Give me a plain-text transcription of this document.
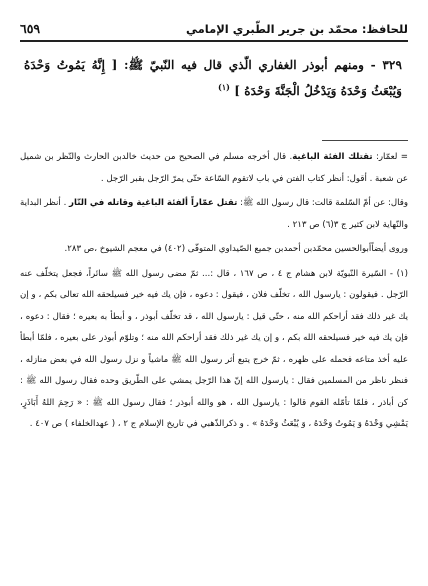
للحافظ: محمّد بن جرير الطّبري الإمامي
٦٥٩
٣٢٩ - ومنهم أبوذر الغفاري الّذي قال فيه النّبيّ ﷺ: [ إِنَّهُ يَمُوتُ وَحْدَهُ وَيُبْعَثُ وَحْدَهُ وَيَدْخُلُ الْجَنَّةَ وَحْدَهُ ] $^{(١)}$

= لعمّار: تقتلك الفئة الباغية. قال أخرجه مسلم في الصحيح من حديث خالدبن الحارث والنّظر بن شميل عن شعبة . أقول: أنظر كتاب الفتن في باب لاتقوم السّاعة حتّى يمرّ الرّجل بقبر الرّجل .

وقال: عن أمّ السّلمة قالت: قال رسول الله ﷺ: تقتل عمّاراً ألفئة الباغية وقاتله في النّار . أنظر البداية والنّهاية لابن كثير ج ٣(٦) ص ٢١٣ .

وروى أيضاًأبوالحسين محمّدبن أحمدبن جميع الصّيداوي المتوفّى (٤٠٢) في معجم الشيوخ ،ص ٢٨٣.

(١) - السّيرة النّبويّة لابن هشام ج ٤ ، ص ١٦٧ ، قال :... ثمّ مضى رسول الله ﷺ سائراً، فجعل يتخلّف عنه الرّجل . فيقولون : يارسول الله ، تخلّف فلان ، فيقول : دعوه ، فإن يك فيه خير فسيلحقه الله تعالى بكم ، و إن يك غير ذلك فقد أراحكم الله منه ، حتّى قيل : يارسول الله ، قد تخلّف أبوذر ، و أبطأ به بعيره ؛ فقال : دعوه ، فإن يك فيه خير فسيلحقه الله بكم ، و إن يك غير ذلك فقد أراحكم الله منه ؛ وتلوّم أبوذر على بعيره ، فلمّا أبطأ عليه أخذ متاعه فحمله على ظهره ، ثمّ خرج يتبع أثر رسول الله ﷺ ماشياً و نزل رسول الله في بعض منازله ، فنظر ناظر من المسلمين فقال : يارسول الله إنّ هذا الرّجل يمشي على الطّريق وحده فقال رسول الله ﷺ : كن أباذر ، فلمّا تأمّله القوم قالوا : يارسول الله ، هو والله أبوذر ؛ فقال رسول الله ﷺ : « رَحِمَ اللهُ أَبَاذَرٍ، يَمْشِي وَحْدَهُ وَ يَمُوتُ وَحْدَهُ ، وَ يُبْعَثُ وَحْدَهُ » . و ذكرالذّهبي في تاريخ الإسلام ج ٢ ، ( عهدالخلفاء ) ص ٤٠٧ .
